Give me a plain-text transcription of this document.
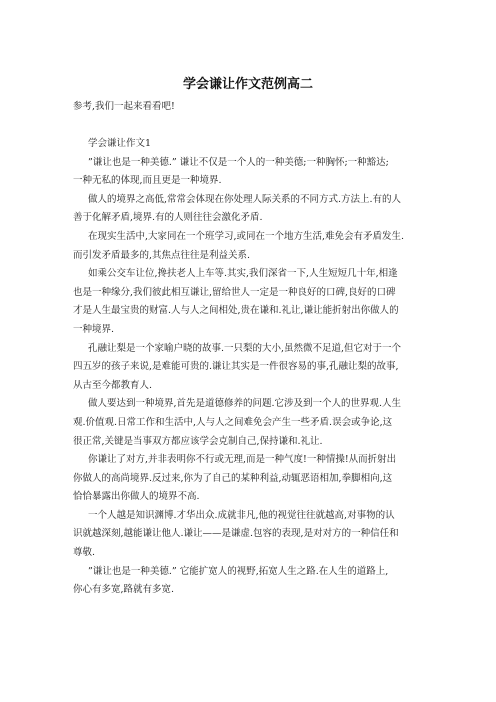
学会谦让作文范例高二
参考,我们一起来看看吧!
学会谦让作文1
”谦让也是一种美德.” 谦让不仅是一个人的一种美德;一种胸怀;一种豁达;
一种无私的体现,而且更是一种境界.
做人的境界之高低,常常会体现在你处理人际关系的不同方式.方法上.有的人
善于化解矛盾,境界.有的人则往往会激化矛盾.
在现实生活中,大家同在一个班学习,或同在一个地方生活,难免会有矛盾发生.
而引发矛盾最多的,其焦点往往是利益关系.
如乘公交车让位,搀扶老人上车等.其实,我们深省一下,人生短短几十年,相逢
也是一种缘分,我们彼此相互谦让,留给世人一定是一种良好的口碑,良好的口碑
才是人生最宝贵的财富.人与人之间相处,贵在谦和.礼让,谦让能折射出你做人的
一种境界.
孔融让梨是一个家喻户晓的故事.一只梨的大小,虽然微不足道,但它对于一个
四五岁的孩子来说,是难能可贵的.谦让其实是一件很容易的事,孔融让梨的故事,
从古至今都教育人.
做人要达到一种境界,首先是道德修养的问题.它涉及到一个人的世界观.人生
观.价值观.日常工作和生活中,人与人之间难免会产生一些矛盾.误会或争论,这
很正常,关键是当事双方都应该学会克制自己,保持谦和.礼让.
你谦让了对方,并非表明你不行或无理,而是一种气度!一种情操!从而折射出
你做人的高尚境界.反过来,你为了自己的某种利益,动辄恶语相加,拳脚相向,这
恰恰暴露出你做人的境界不高.
一个人越是知识渊博.才华出众.成就非凡,他的视觉往往就越高,对事物的认
识就越深刻,越能谦让他人.谦让——是谦虚.包容的表现,是对对方的一种信任和
尊敬.
”谦让也是一种美德.” 它能扩宽人的视野,拓宽人生之路.在人生的道路上,
你心有多宽,路就有多宽.
